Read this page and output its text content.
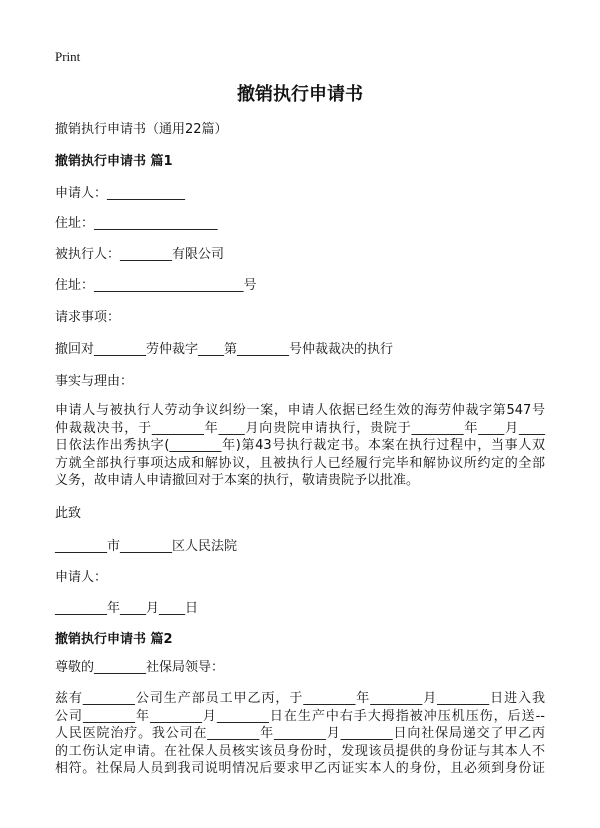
Print
撤销执行申请书
撤销执行申请书（通用22篇）
撤销执行申请书 篇1
申请人：____________
住址：___________________
被执行人：________有限公司
住址：_______________________号
请求事项：
撤回对________劳仲裁字____第________号仲裁裁决的执行
事实与理由：
申请人与被执行人劳动争议纠纷一案，申请人依据已经生效的海劳仲裁字第547号
仲裁裁决书，于________年____月向贵院申请执行，贵院于________年____月____
日依法作出秀执字(________年)第43号执行裁定书。本案在执行过程中，当事人双
方就全部执行事项达成和解协议，且被执行人已经履行完毕和解协议所约定的全部
义务，故申请人申请撤回对于本案的执行，敬请贵院予以批准。
此致
________市________区人民法院
申请人：
________年____月____日
撤销执行申请书 篇2
尊敬的________社保局领导：
兹有________公司生产部员工甲乙丙，于________年________月________日进入我
公司________年________月________日在生产中右手大拇指被冲压机压伤，后送--
人民医院治疗。我公司在________年________月________日向社保局递交了甲乙丙
的工伤认定申请。在社保人员核实该员身份时，发现该员提供的身份证与其本人不
相符。社保局人员到我司说明情况后要求甲乙丙证实本人的身份，且必须到身份证
